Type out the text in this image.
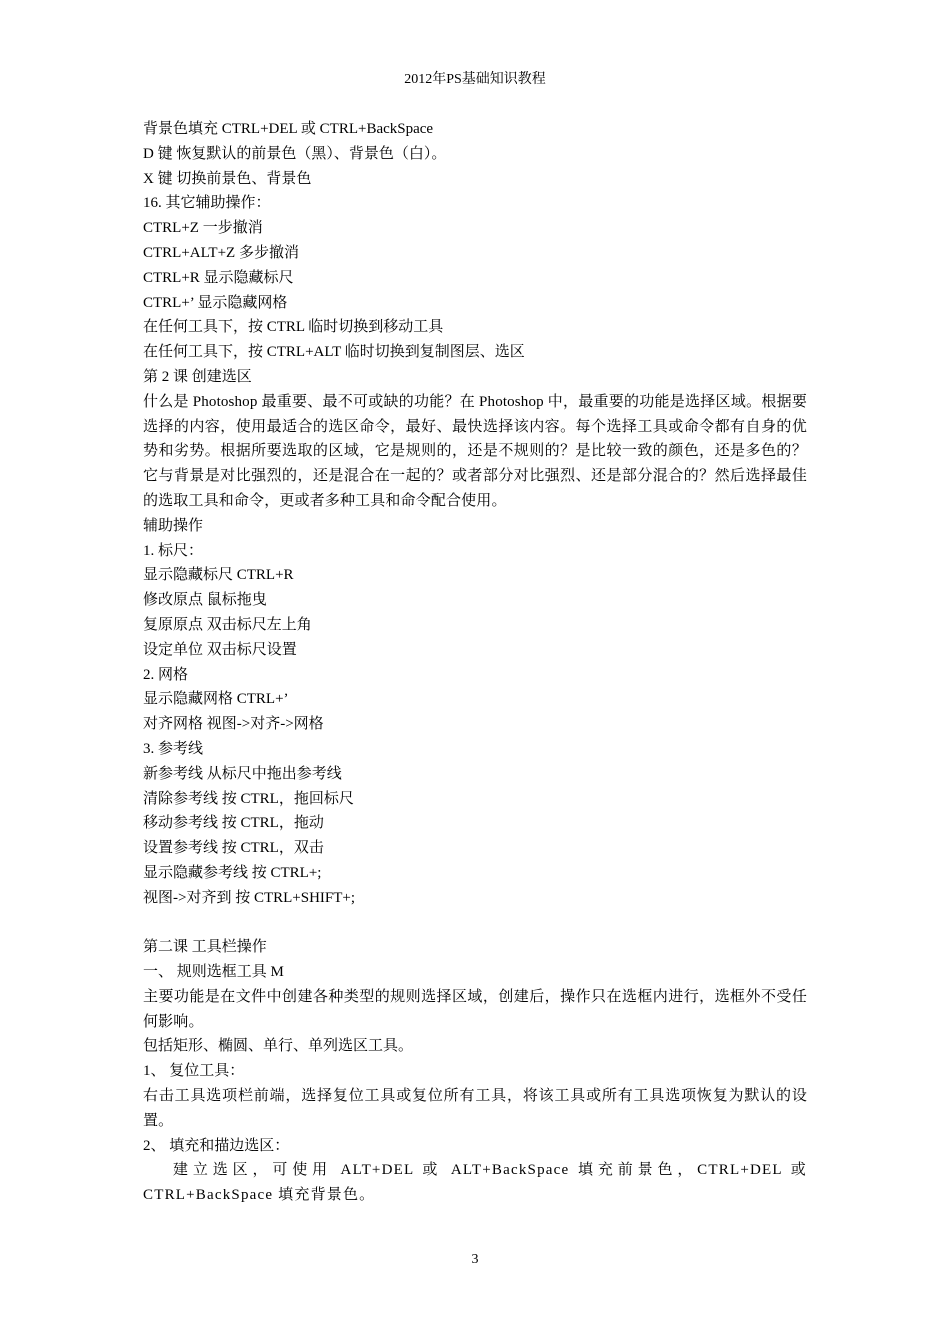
2012年PS基础知识教程
背景色填充 CTRL+DEL 或 CTRL+BackSpace
D 键 恢复默认的前景色（黑）、背景色（白）。
X 键 切换前景色、背景色
16. 其它辅助操作：
CTRL+Z 一步撤消
CTRL+ALT+Z 多步撤消
CTRL+R 显示隐藏标尺
CTRL+’ 显示隐藏网格
在任何工具下，按 CTRL 临时切换到移动工具
在任何工具下，按 CTRL+ALT 临时切换到复制图层、选区
第 2 课 创建选区
什么是 Photoshop 最重要、最不可或缺的功能？在 Photoshop 中，最重要的功能是选择区域。根据要选择的内容，使用最适合的选区命令，最好、最快选择该内容。每个选择工具或命令都有自身的优势和劣势。根据所要选取的区域，它是规则的，还是不规则的？是比较一致的颜色，还是多色的？它与背景是对比强烈的，还是混合在一起的？或者部分对比强烈、还是部分混合的？然后选择最佳的选取工具和命令，更或者多种工具和命令配合使用。
辅助操作
1. 标尺：
显示隐藏标尺 CTRL+R
修改原点 鼠标拖曳
复原原点 双击标尺左上角
设定单位 双击标尺设置
2. 网格
显示隐藏网格 CTRL+’
对齐网格 视图->对齐->网格
3. 参考线
新参考线 从标尺中拖出参考线
清除参考线 按 CTRL，拖回标尺
移动参考线 按 CTRL，拖动
设置参考线 按 CTRL，双击
显示隐藏参考线 按 CTRL+;
视图->对齐到 按 CTRL+SHIFT+;
第二课 工具栏操作
一、 规则选框工具 M
主要功能是在文件中创建各种类型的规则选择区域，创建后，操作只在选框内进行，选框外不受任何影响。
包括矩形、椭圆、单行、单列选区工具。
1、 复位工具：
右击工具选项栏前端，选择复位工具或复位所有工具，将该工具或所有工具选项恢复为默认的设置。
2、 填充和描边选区：
建立选区，可使用 ALT+DEL 或 ALT+BackSpace 填充前景色，CTRL+DEL 或 CTRL+BackSpace 填充背景色。
3
